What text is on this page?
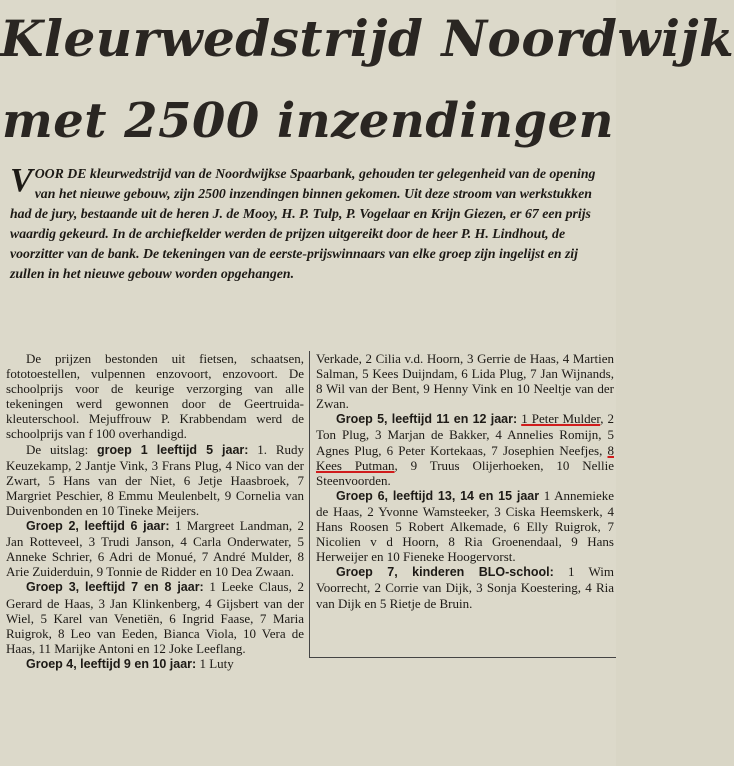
Kleurwedstrijd Noordwijk
met 2500 inzendingen
V OOR DE kleurwedstrijd van de Noordwijkse Spaarbank, gehouden ter gelegenheid van de opening van het nieuwe gebouw, zijn 2500 inzendingen binnen gekomen. Uit deze stroom van werkstukken had de jury, bestaande uit de heren J. de Mooy, H. P. Tulp, P. Vogelaar en Krijn Giezen, er 67 een prijs waardig gekeurd. In de archiefkelder werden de prijzen uitgereikt door de heer P. H. Lindhout, de voorzitter van de bank. De tekeningen van de eerste-prijswinnaars van elke groep zijn ingelijst en zij zullen in het nieuwe gebouw worden opgehangen.

De prijzen bestonden uit fietsen, schaatsen, fototoestellen, vulpennen enzovoort, enzovoort. De schoolprijs voor de keurige verzorging van alle tekeningen werd gewonnen door de Geertruida-kleuterschool. Mejuffrouw P. Krabbendam werd de schoolprijs van f 100 overhandigd.

De uitslag: groep 1 leeftijd 5 jaar: 1. Rudy Keuzekamp, 2 Jantje Vink, 3 Frans Plug, 4 Nico van der Zwart, 5 Hans van der Niet, 6 Jetje Haasbroek, 7 Margriet Peschier, 8 Emmu Meulenbelt, 9 Cornelia van Duivenbonden en 10 Tineke Meijers.

Groep 2, leeftijd 6 jaar: 1 Margreet Landman, 2 Jan Rotteveel, 3 Trudi Janson, 4 Carla Onderwater, 5 Anneke Schrier, 6 Adri de Monué, 7 André Mulder, 8 Arie Zuiderduin, 9 Tonnie de Ridder en 10 Dea Zwaan.

Groep 3, leeftijd 7 en 8 jaar: 1 Leeke Claus, 2 Gerard de Haas, 3 Jan Klinkenberg, 4 Gijsbert van der Wiel, 5 Karel van Venetiën, 6 Ingrid Faase, 7 Maria Ruigrok, 8 Leo van Eeden, Bianca Viola, 10 Vera de Haas, 11 Marijke Antoni en 12 Joke Leeflang.

Groep 4, leeftijd 9 en 10 jaar: 1 Luty

Verkade, 2 Cilia v.d. Hoorn, 3 Gerrie de Haas, 4 Martien Salman, 5 Kees Duijndam, 6 Lida Plug, 7 Jan Wijnands, 8 Wil van der Bent, 9 Henny Vink en 10 Neeltje van der Zwan.

Groep 5, leeftijd 11 en 12 jaar: 1 Peter Mulder, 2 Ton Plug, 3 Marjan de Bakker, 4 Annelies Romijn, 5 Agnes Plug, 6 Peter Kortekaas, 7 Josephien Neefjes, 8 Kees Putman, 9 Truus Olijerhoeken, 10 Nellie Steenvoorden.

Groep 6, leeftijd 13, 14 en 15 jaar 1 Annemieke de Haas, 2 Yvonne Wamsteeker, 3 Ciska Heemskerk, 4 Hans Roosen 5 Robert Alkemade, 6 Elly Ruigrok, 7 Nicolien v d Hoorn, 8 Ria Groenendaal, 9 Hans Herweijer en 10 Fieneke Hoogervorst.

Groep 7, kinderen BLO-school: 1 Wim Voorrecht, 2 Corrie van Dijk, 3 Sonja Koestering, 4 Ria van Dijk en 5 Rietje de Bruin.
